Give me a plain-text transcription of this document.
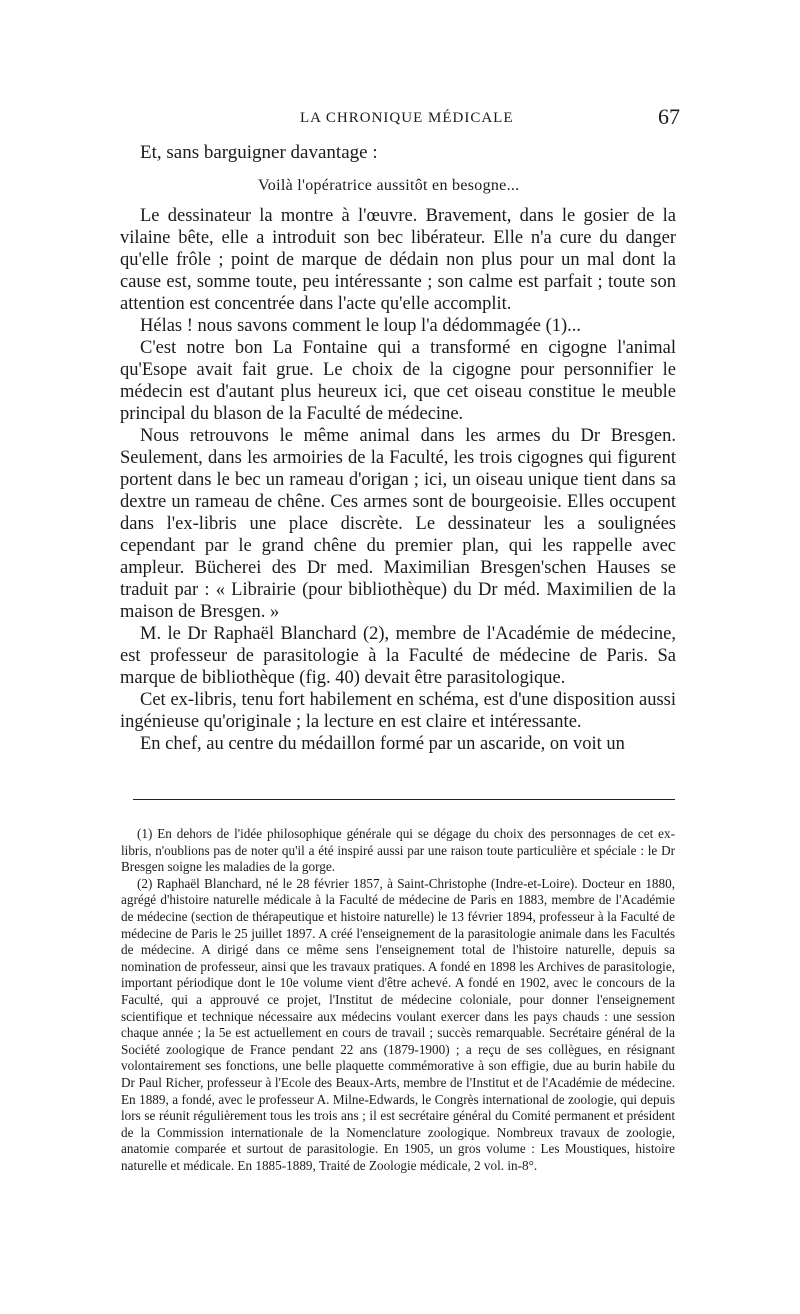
LA CHRONIQUE MÉDICALE	67
Et, sans barguigner davantage :
Voilà l'opératrice aussitôt en besogne...

Le dessinateur la montre à l'œuvre. Bravement, dans le gosier de la vilaine bête, elle a introduit son bec libérateur. Elle n'a cure du danger qu'elle frôle ; point de marque de dédain non plus pour un mal dont la cause est, somme toute, peu intéressante ; son calme est parfait ; toute son attention est concentrée dans l'acte qu'elle accomplit.

Hélas ! nous savons comment le loup l'a dédommagée (1)...

C'est notre bon La Fontaine qui a transformé en cigogne l'animal qu'Esope avait fait grue. Le choix de la cigogne pour personnifier le médecin est d'autant plus heureux ici, que cet oiseau constitue le meuble principal du blason de la Faculté de médecine.

Nous retrouvons le même animal dans les armes du Dr Bresgen. Seulement, dans les armoiries de la Faculté, les trois cigognes qui figurent portent dans le bec un rameau d'origan ; ici, un oiseau unique tient dans sa dextre un rameau de chêne. Ces armes sont de bourgeoisie. Elles occupent dans l'ex-libris une place discrète. Le dessinateur les a soulignées cependant par le grand chêne du premier plan, qui les rappelle avec ampleur. Bücherei des Dr med. Maximilian Bresgen'schen Hauses se traduit par : « Librairie (pour bibliothèque) du Dr méd. Maximilien de la maison de Bresgen. »

M. le Dr Raphaël Blanchard (2), membre de l'Académie de médecine, est professeur de parasitologie à la Faculté de médecine de Paris. Sa marque de bibliothèque (fig. 40) devait être parasitologique.

Cet ex-libris, tenu fort habilement en schéma, est d'une disposition aussi ingénieuse qu'originale ; la lecture en est claire et intéressante.

En chef, au centre du médaillon formé par un ascaride, on voit un

(1) En dehors de l'idée philosophique générale qui se dégage du choix des personnages de cet ex-libris, n'oublions pas de noter qu'il a été inspiré aussi par une raison toute particulière et spéciale : le Dr Bresgen soigne les maladies de la gorge.

(2) Raphaël Blanchard, né le 28 février 1857, à Saint-Christophe (Indre-et-Loire). Docteur en 1880, agrégé d'histoire naturelle médicale à la Faculté de médecine de Paris en 1883, membre de l'Académie de médecine (section de thérapeutique et histoire naturelle) le 13 février 1894, professeur à la Faculté de médecine de Paris le 25 juillet 1897. A créé l'enseignement de la parasitologie animale dans les Facultés de médecine. A dirigé dans ce même sens l'enseignement total de l'histoire naturelle, depuis sa nomination de professeur, ainsi que les travaux pratiques. A fondé en 1898 les Archives de parasitologie, important périodique dont le 10e volume vient d'être achevé. A fondé en 1902, avec le concours de la Faculté, qui a approuvé ce projet, l'Institut de médecine coloniale, pour donner l'enseignement scientifique et technique nécessaire aux médecins voulant exercer dans les pays chauds : une session chaque année ; la 5e est actuellement en cours de travail ; succès remarquable. Secrétaire général de la Société zoologique de France pendant 22 ans (1879-1900) ; a reçu de ses collègues, en résignant volontairement ses fonctions, une belle plaquette commémorative à son effigie, due au burin habile du Dr Paul Richer, professeur à l'Ecole des Beaux-Arts, membre de l'Institut et de l'Académie de médecine. En 1889, a fondé, avec le professeur A. Milne-Edwards, le Congrès international de zoologie, qui depuis lors se réunit régulièrement tous les trois ans ; il est secrétaire général du Comité permanent et président de la Commission internationale de la Nomenclature zoologique. Nombreux travaux de zoologie, anatomie comparée et surtout de parasitologie. En 1905, un gros volume : Les Moustiques, histoire naturelle et médicale. En 1885-1889, Traité de Zoologie médicale, 2 vol. in-8°.
